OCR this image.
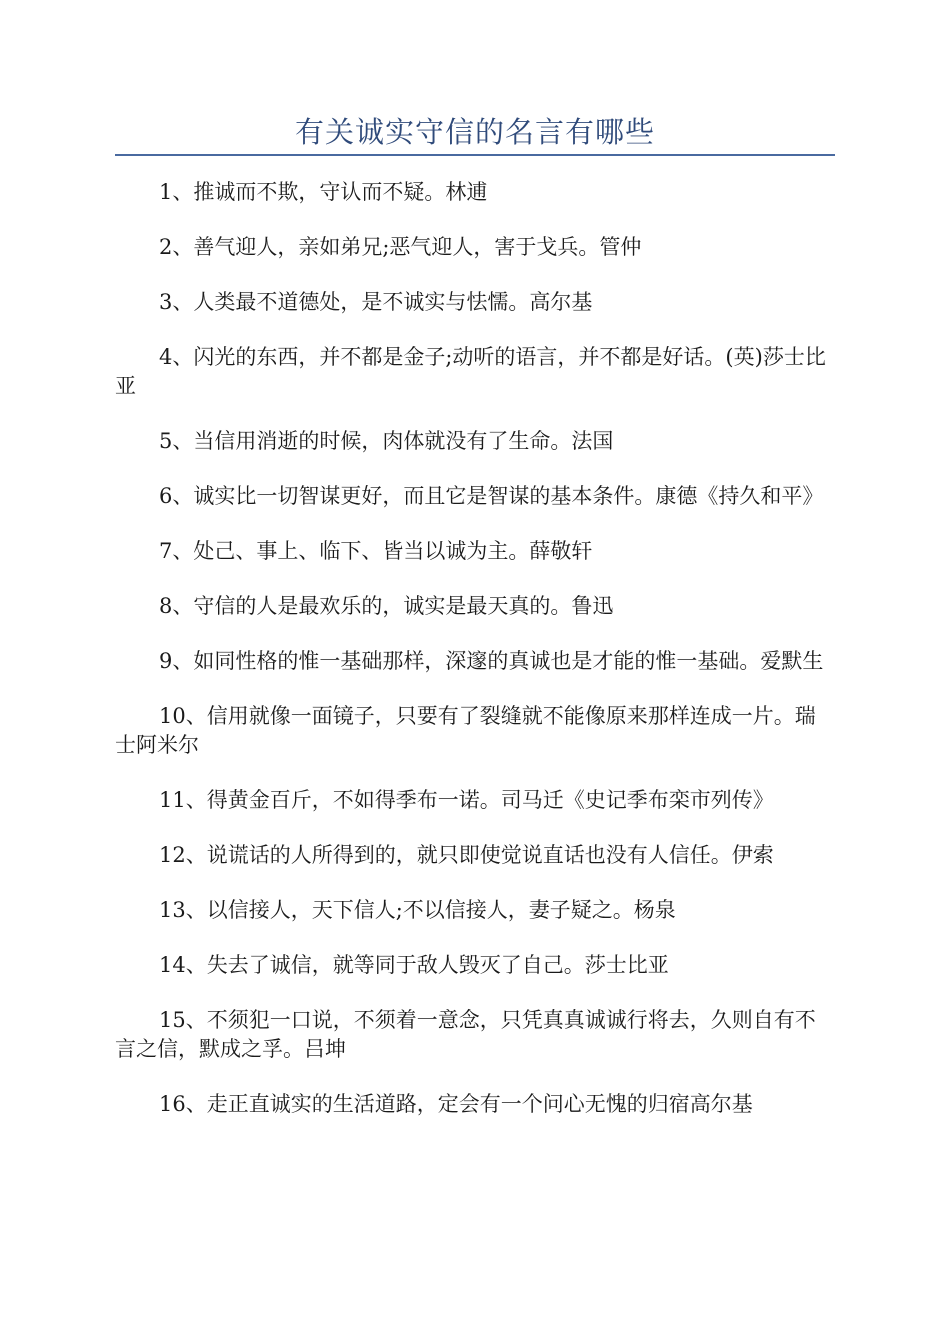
有关诚实守信的名言有哪些

1、推诚而不欺，守认而不疑。林逋

2、善气迎人，亲如弟兄;恶气迎人，害于戈兵。管仲

3、人类最不道德处，是不诚实与怯懦。高尔基

4、闪光的东西，并不都是金子;动听的语言，并不都是好话。(英)莎士比亚

5、当信用消逝的时候，肉体就没有了生命。法国

6、诚实比一切智谋更好，而且它是智谋的基本条件。康德《持久和平》

7、处己、事上、临下、皆当以诚为主。薛敬轩

8、守信的人是最欢乐的，诚实是最天真的。鲁迅

9、如同性格的惟一基础那样，深邃的真诚也是才能的惟一基础。爱默生

10、信用就像一面镜子，只要有了裂缝就不能像原来那样连成一片。瑞士阿米尔

11、得黄金百斤，不如得季布一诺。司马迁《史记季布栾市列传》

12、说谎话的人所得到的，就只即使觉说直话也没有人信任。伊索

13、以信接人，天下信人;不以信接人，妻子疑之。杨泉

14、失去了诚信，就等同于敌人毁灭了自己。莎士比亚

15、不须犯一口说，不须着一意念，只凭真真诚诚行将去，久则自有不言之信，默成之孚。吕坤

16、走正直诚实的生活道路，定会有一个问心无愧的归宿高尔基
